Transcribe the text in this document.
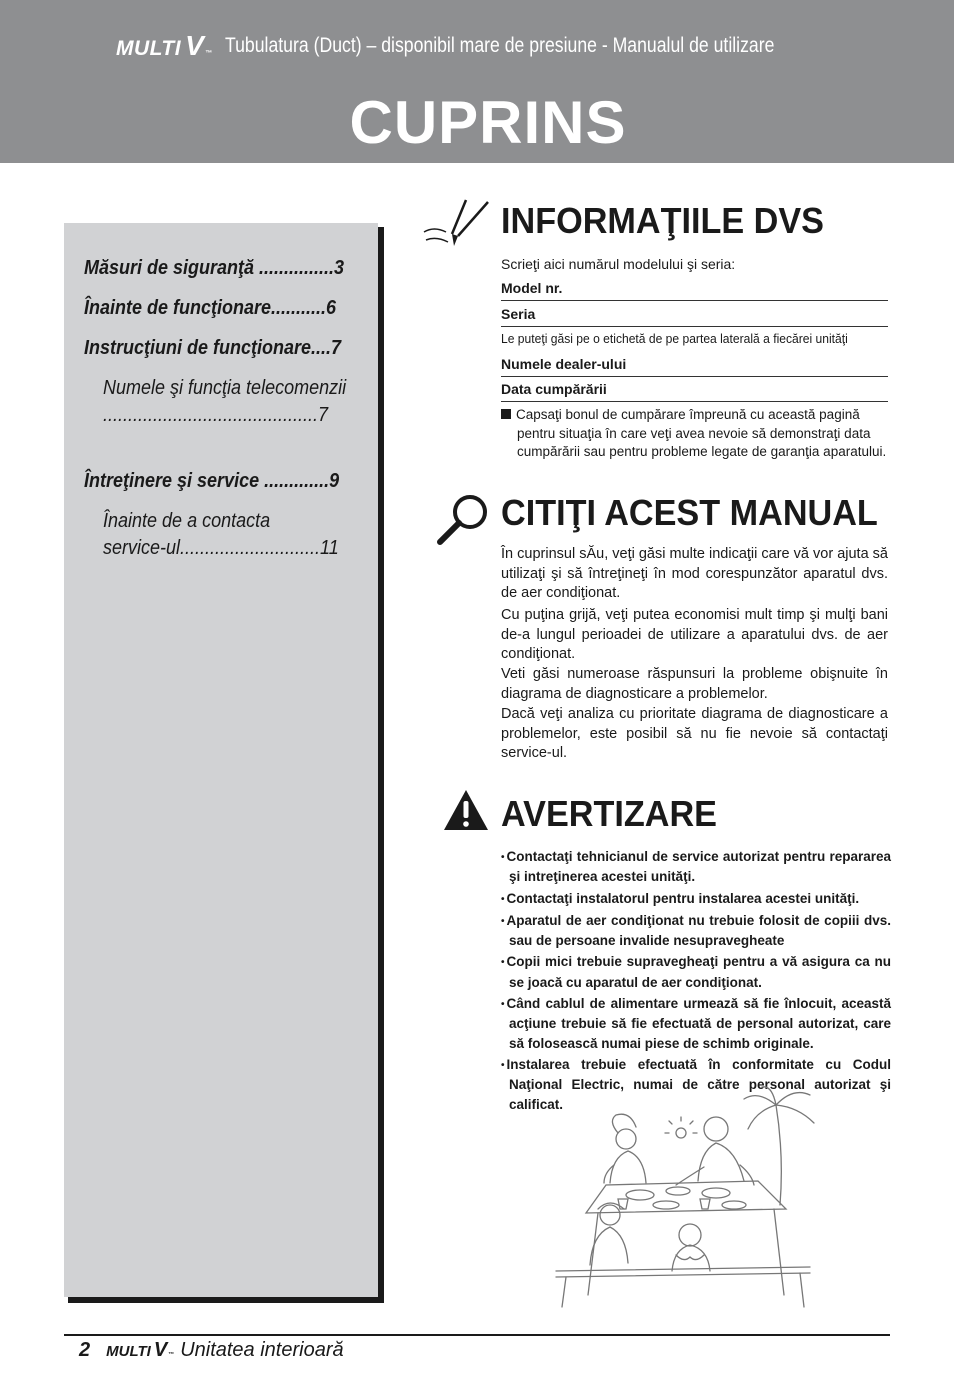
MULTI V ™ Tubulatura (Duct) – disponibil mare de presiune - Manualul de utilizare
CUPRINS
Măsuri de siguranţă ...............3
Înainte de funcţionare...........6
Instrucţiuni de funcţionare....7
Numele şi funcţia telecomenzii
...........................................7
Întreţinere şi service .............9
Înainte de a contacta
service-ul............................11
INFORMAŢIILE DVS
Scrieţi aici numărul modelului şi seria:
Model nr.
Seria
Le puteţi găsi pe o etichetă de pe partea laterală a fiecărei unităţi
Numele dealer-ului
Data cumpărării
Capsaţi bonul de cumpărare împreună cu această pagină pentru situaţia în care veţi avea nevoie să demonstraţi data cumpărării sau pentru probleme legate de garanţia aparatului.
CITIŢI ACEST MANUAL
În cuprinsul sĂu, veţi găsi multe indicaţii care vă vor ajuta să utilizaţi şi să întreţineţi în mod corespunzător aparatul dvs. de aer condiţionat.
Cu puţina grijă, veţi putea economisi mult timp şi mulţi bani de-a lungul perioadei de utilizare a aparatului dvs. de aer condiţionat.
Veti găsi numeroase răspunsuri la probleme obişnuite în diagrama de diagnosticare a problemelor.
Dacă veţi analiza cu prioritate diagrama de diagnosticare a problemelor, este posibil să nu fie nevoie să contactaţi service-ul.
AVERTIZARE
• Contactaţi tehnicianul de service autorizat pentru repararea şi intreţinerea acestei unităţi.
• Contactaţi instalatorul pentru instalarea acestei unităţi.
• Aparatul de aer condiţionat nu trebuie folosit de copiii dvs. sau de persoane invalide nesupravegheate
• Copii mici trebuie supravegheaţi pentru a vă asigura ca nu se joacă cu aparatul de aer condiţionat.
• Când cablul de alimentare urmează să fie înlocuit, această acţiune trebuie să fie efectuată de personal autorizat, care să folosească numai piese de schimb originale.
• Instalarea trebuie efectuată în conformitate cu Codul Naţional Electric, numai de către personal autorizat şi calificat.
2 MULTI V ™ Unitatea interioară
